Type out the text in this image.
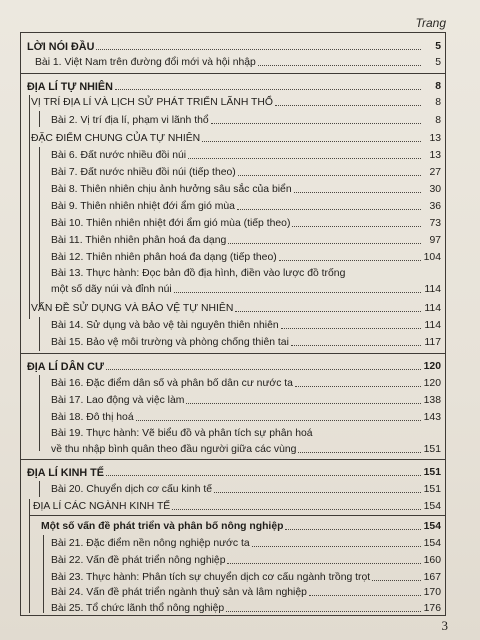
Trang
LỜI NÓI ĐẦU	5
Bài 1. Việt Nam trên đường đổi mới và hội nhập	5
ĐỊA LÍ TỰ NHIÊN	8
VỊ TRÍ ĐỊA LÍ VÀ LỊCH SỬ PHÁT TRIỂN LÃNH THỔ	8
Bài 2. Vị trí địa lí, phạm vi lãnh thổ	8
ĐẶC ĐIỂM CHUNG CỦA TỰ NHIÊN	13
Bài 6. Đất nước nhiều đồi núi	13
Bài 7. Đất nước nhiều đồi núi (tiếp theo)	27
Bài 8. Thiên nhiên chịu ảnh hưởng sâu sắc của biển	30
Bài 9. Thiên nhiên nhiệt đới ẩm gió mùa	36
Bài 10. Thiên nhiên nhiệt đới ẩm gió mùa (tiếp theo)	73
Bài 11. Thiên nhiên phân hoá đa dạng	97
Bài 12. Thiên nhiên phân hoá đa dạng (tiếp theo)	104
Bài 13. Thực hành: Đọc bản đồ địa hình, điền vào lược đồ trống
một số dãy núi và đỉnh núi	114
VẤN ĐỀ SỬ DỤNG VÀ BẢO VỆ TỰ NHIÊN	114
Bài 14. Sử dụng và bảo vệ tài nguyên thiên nhiên	114
Bài 15. Bảo vệ môi trường và phòng chống thiên tai	117
ĐỊA LÍ DÂN CƯ	120
Bài 16. Đặc điểm dân số và phân bố dân cư nước ta	120
Bài 17. Lao động và việc làm	138
Bài 18. Đô thị hoá	143
Bài 19. Thực hành: Vẽ biểu đồ và phân tích sự phân hoá
về thu nhập bình quân theo đầu người giữa các vùng	151
ĐỊA LÍ KINH TẾ	151
Bài 20. Chuyển dịch cơ cấu kinh tế	151
ĐỊA LÍ CÁC NGÀNH KINH TẾ	154
Một số vấn đề phát triển và phân bố nông nghiệp	154
Bài 21. Đặc điểm nền nông nghiệp nước ta	154
Bài 22. Vấn đề phát triển nông nghiệp	160
Bài 23. Thực hành: Phân tích sự chuyển dịch cơ cấu ngành trồng trọt	167
Bài 24. Vấn đề phát triển ngành thuỷ sản và lâm nghiệp	170
Bài 25. Tổ chức lãnh thổ nông nghiệp	176
3
